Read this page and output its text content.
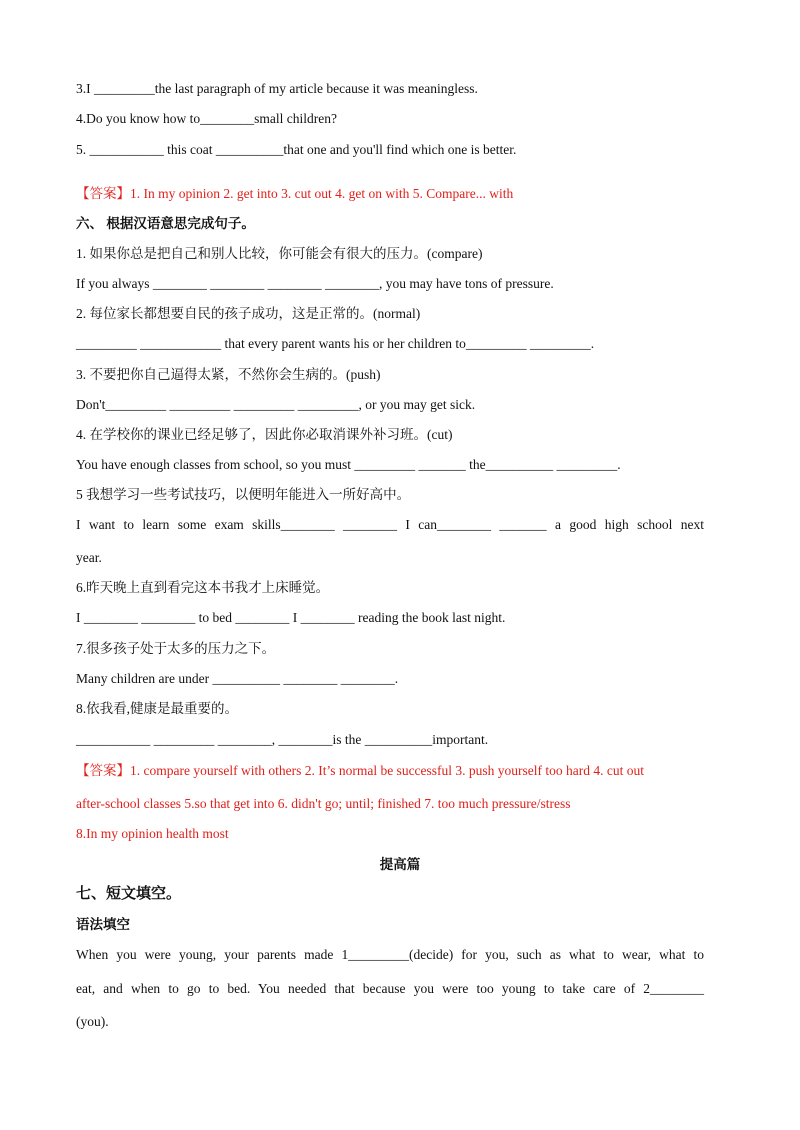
3.I _________the last paragraph of my article because it was meaningless.
4.Do you know how to________small children?
5. ___________ this coat __________that one and you'll find which one is better.
【答案】1. In my opinion 2. get into 3. cut out 4. get on with 5. Compare... with
六、 根据汉语意思完成句子。
1. 如果你总是把自己和别人比较，你可能会有很大的压力。(compare)
If you always ________ ________ ________ ________, you may have tons of pressure.
2. 每位家长都想要自民的孩子成功，这是正常的。(normal)
_________ ____________ that every parent wants his or her children to_________ _________.
3. 不要把你自己逼得太紧，不然你会生病的。(push)
Don't_________ _________ _________ _________, or you may get sick.
4. 在学校你的课业已经足够了，因此你必取消课外补习班。(cut)
You have enough classes from school, so you must _________ _______ the__________ _________.
5 我想学习一些考试技巧，以便明年能进入一所好高中。
I want to learn some exam skills________ ________ I can________ _______ a good high school next
year.
6.昨天晚上直到看完这本书我才上床睡觉。
I ________ ________ to bed ________ I ________ reading the book last night.
7.很多孩子处于太多的压力之下。
Many children are under __________ ________ ________.
8.依我看,健康是最重要的。
___________ _________ ________, ________is the __________important.
【答案】1. compare yourself with others 2. It’s normal be successful 3. push yourself too hard 4. cut out
after-school classes 5.so that get into 6. didn't go; until; finished 7. too much pressure/stress
8.In my opinion health most
提高篇
七、短文填空。
语法填空
When you were young, your parents made 1_________(decide) for you, such as what to wear, what to
eat, and when to go to bed. You needed that because you were too young to take care of 2________
(you).
